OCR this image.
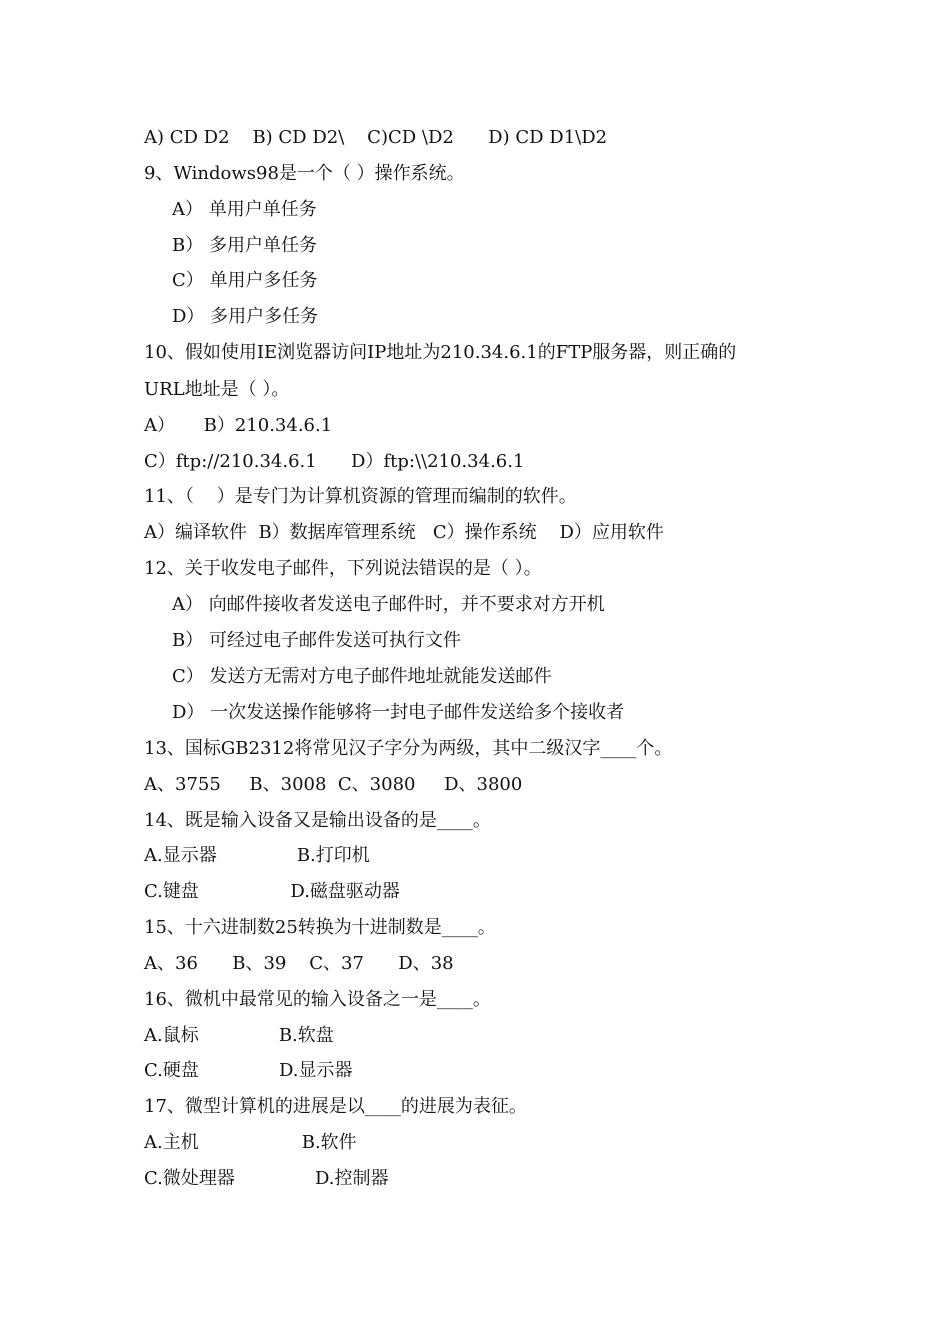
A) CD D2    B) CD D2\    C)CD \D2      D) CD D1\D2
9、Windows98是一个（ ）操作系统。
A） 单用户单任务
B） 多用户单任务
C） 单用户多任务
D） 多用户多任务
10、假如使用IE浏览器访问IP地址为210.34.6.1的FTP服务器，则正确的
URL地址是（ ）。
A）     B）210.34.6.1
C）ftp://210.34.6.1      D）ftp:\\210.34.6.1
11、（    ）是专门为计算机资源的管理而编制的软件。
A）编译软件  B）数据库管理系统   C）操作系统    D）应用软件
12、关于收发电子邮件，下列说法错误的是（ ）。
A） 向邮件接收者发送电子邮件时，并不要求对方开机
B） 可经过电子邮件发送可执行文件
C） 发送方无需对方电子邮件地址就能发送邮件
D） 一次发送操作能够将一封电子邮件发送给多个接收者
13、国标GB2312将常见汉子字分为两级，其中二级汉字____个。
A、3755     B、3008  C、3080     D、3800
14、既是输入设备又是输出设备的是____。
A.显示器              B.打印机
C.键盘                D.磁盘驱动器
15、十六进制数25转换为十进制数是____。
A、36      B、39    C、37      D、38
16、微机中最常见的输入设备之一是____。
A.鼠标              B.软盘
C.硬盘              D.显示器
17、微型计算机的进展是以____的进展为表征。
A.主机                  B.软件
C.微处理器              D.控制器
